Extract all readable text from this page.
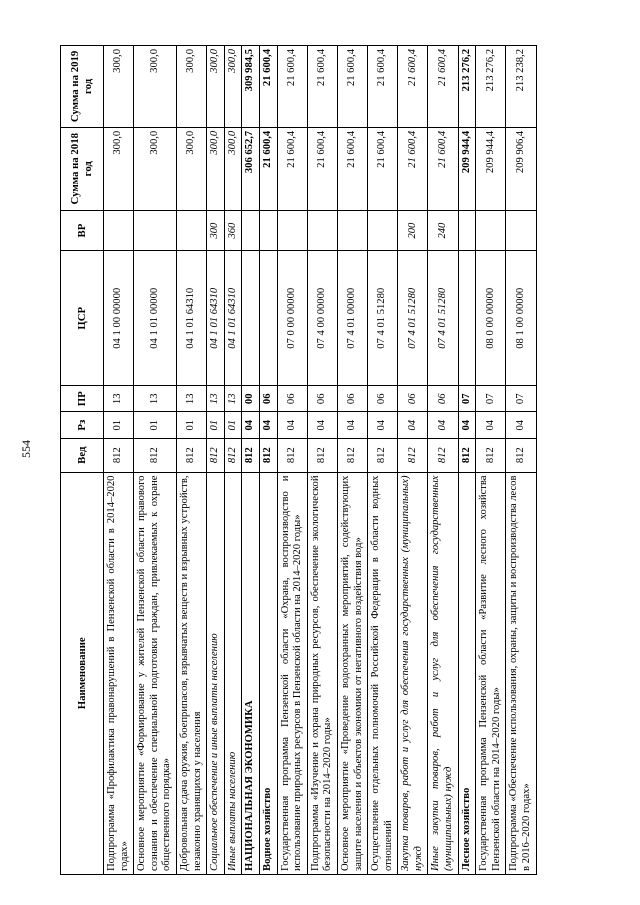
554
Наименование	Вед	Рз	ПР	ЦСР	ВР	Сумма на 2018 год	Сумма на 2019 год
Подпрограмма «Профилактика правонарушений в Пензенской области в 2014–2020 годах»	812	01	13	04 1 00 00000		300,0	300,0
Основное мероприятие «Формирование у жителей Пензенской области правового сознания и обеспечение специальной подготовки граждан, привлекаемых к охране общественного порядка»	812	01	13	04 1 01 00000		300,0	300,0
Добровольная сдача оружия, боеприпасов, взрывчатых веществ и взрывных устройств, незаконно хранящихся у населения	812	01	13	04 1 01 64310		300,0	300,0
Социальное обеспечение и иные выплаты населению	812	01	13	04 1 01 64310	300	300,0	300,0
Иные выплаты населению	812	01	13	04 1 01 64310	360	300,0	300,0
НАЦИОНАЛЬНАЯ ЭКОНОМИКА	812	04	00			306 652,7	309 984,5
Водное хозяйство	812	04	06			21 600,4	21 600,4
Государственная программа Пензенской области «Охрана, воспроизводство и использование природных ресурсов в Пензенской области на 2014–2020 годы»	812	04	06	07 0 00 00000		21 600,4	21 600,4
Подпрограмма «Изучение и охрана природных ресурсов, обеспечение экологической безопасности на 2014–2020 годы»	812	04	06	07 4 00 00000		21 600,4	21 600,4
Основное мероприятие «Проведение водоохранных мероприятий, содействующих защите населения и объектов экономики от негативного воздействия вод»	812	04	06	07 4 01 00000		21 600,4	21 600,4
Осуществление отдельных полномочий Российской Федерации в области водных отношений	812	04	06	07 4 01 51280		21 600,4	21 600,4
Закупка товаров, работ и услуг для обеспечения государственных (муниципальных) нужд	812	04	06	07 4 01 51280	200	21 600,4	21 600,4
Иные закупки товаров, работ и услуг для обеспечения государственных (муниципальных) нужд	812	04	06	07 4 01 51280	240	21 600,4	21 600,4
Лесное хозяйство	812	04	07			209 944,4	213 276,2
Государственная программа Пензенской области «Развитие лесного хозяйства Пензенской области на 2014–2020 годы»	812	04	07	08 0 00 00000		209 944,4	213 276,2
Подпрограмма «Обеспечение использования, охраны, защиты и воспроизводства лесов в 2016–2020 годах»	812	04	07	08 1 00 00000		209 906,4	213 238,2
